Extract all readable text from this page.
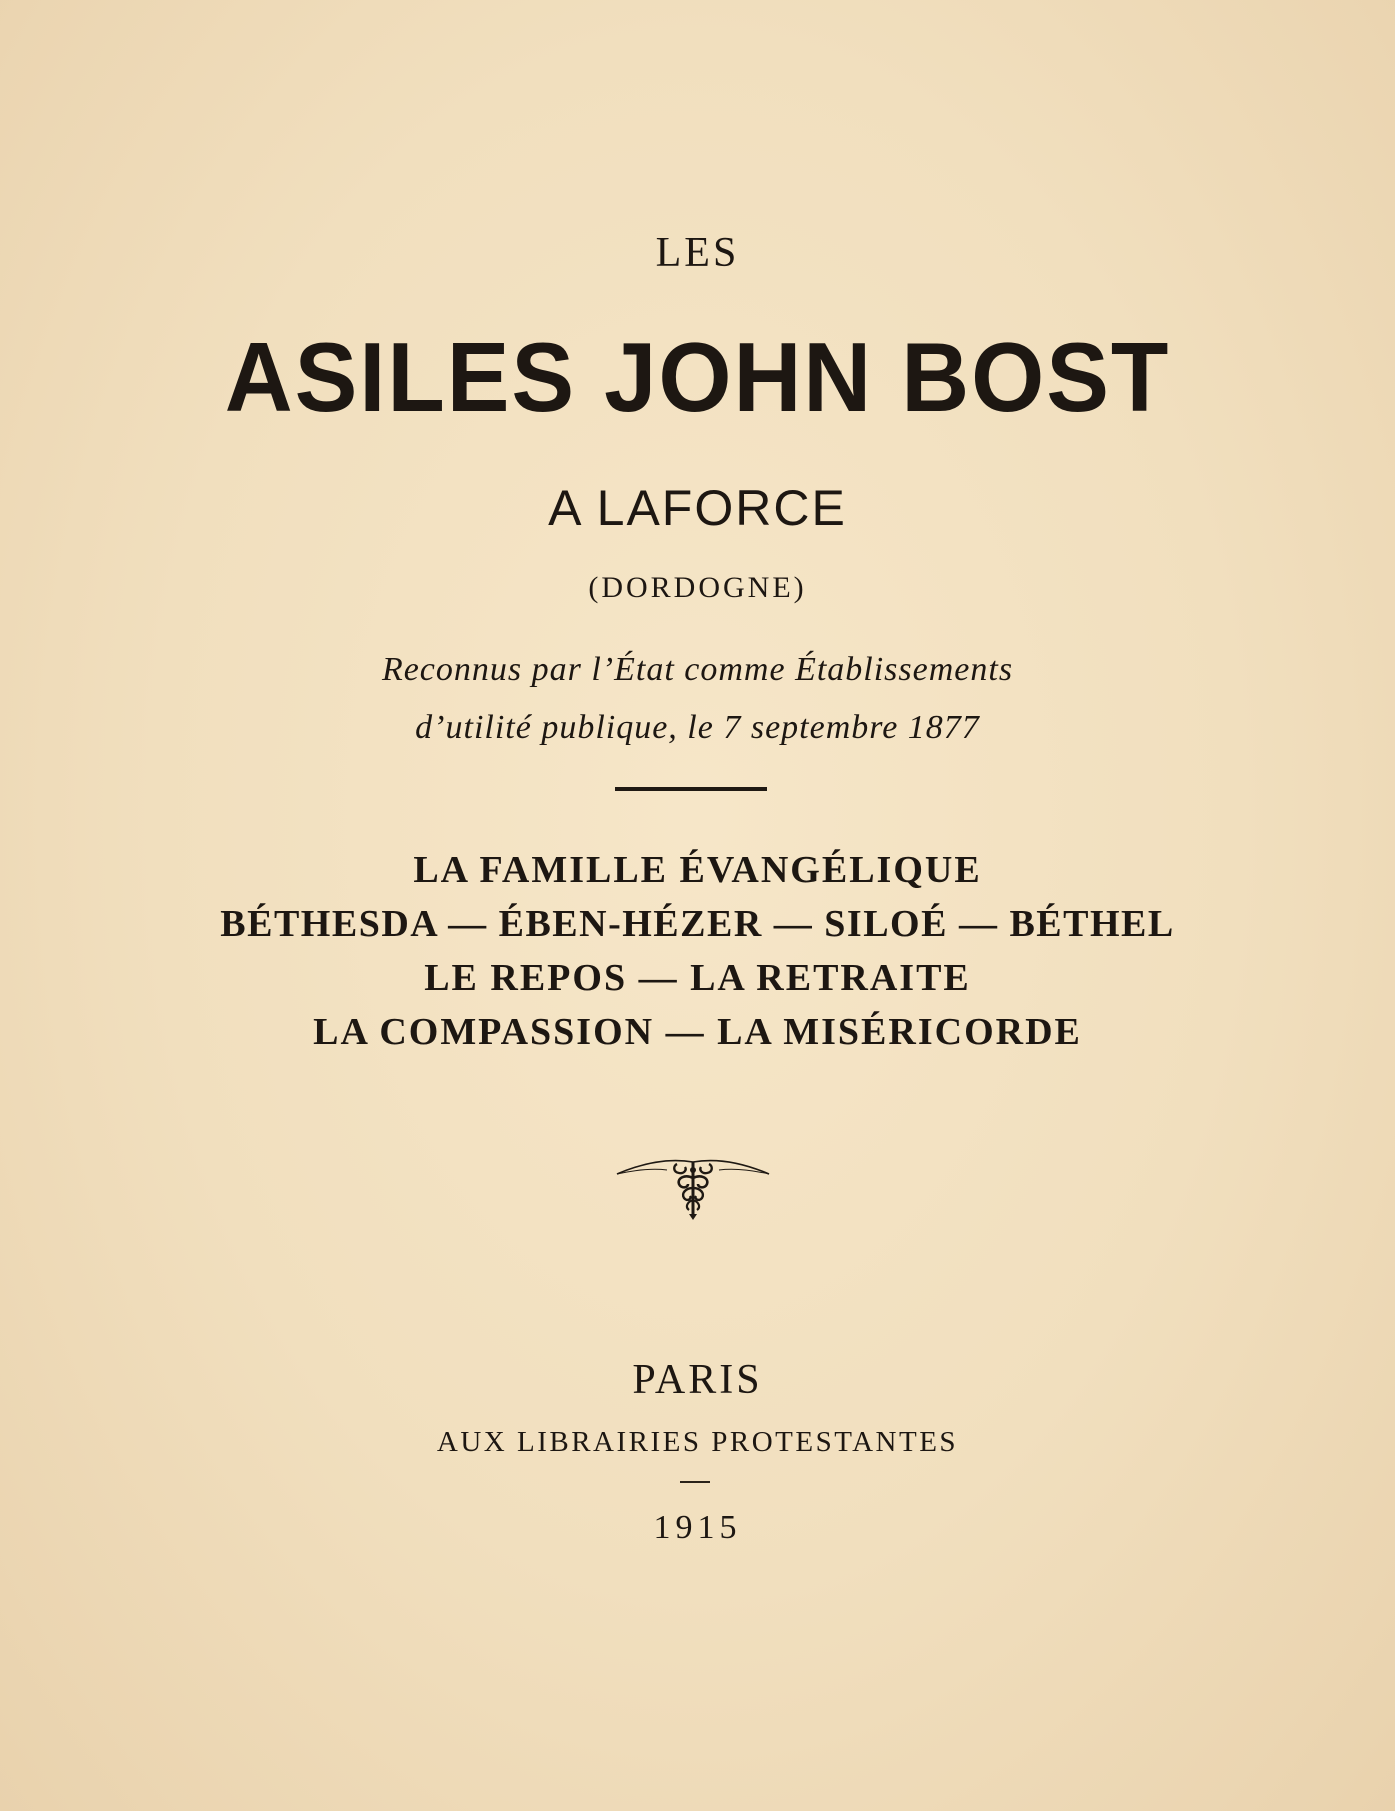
LES

ASILES JOHN BOST

A LAFORCE

(DORDOGNE)

Reconnus par l’État comme Établissements

d’utilité publique, le 7 septembre 1877

LA FAMILLE ÉVANGÉLIQUE

BÉTHESDA — ÉBEN-HÉZER — SILOÉ — BÉTHEL

LE REPOS — LA RETRAITE

LA COMPASSION — LA MISÉRICORDE

PARIS

AUX LIBRAIRIES PROTESTANTES

1915
